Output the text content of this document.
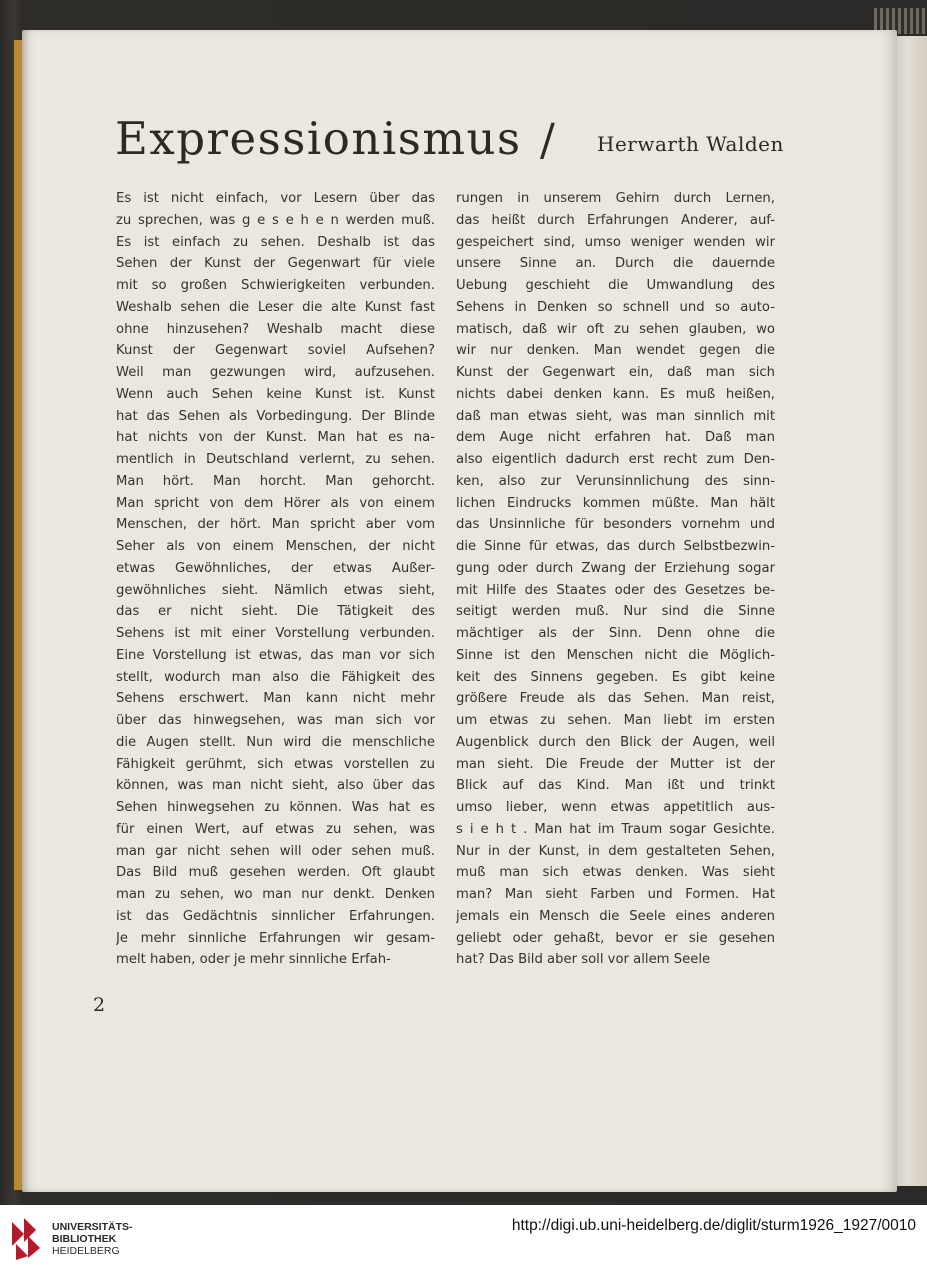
Expressionismus / Herwarth Walden
Es ist nicht einfach, vor Lesern über das
zu sprechen, was g e s e h e n werden muß.
Es ist einfach zu sehen. Deshalb ist das
Sehen der Kunst der Gegenwart für viele
mit so großen Schwierigkeiten verbunden.
Weshalb sehen die Leser die alte Kunst fast
ohne hinzusehen? Weshalb macht diese
Kunst der Gegenwart soviel Aufsehen?
Weil man gezwungen wird, aufzusehen.
Wenn auch Sehen keine Kunst ist. Kunst
hat das Sehen als Vorbedingung. Der Blinde
hat nichts von der Kunst. Man hat es na-
mentlich in Deutschland verlernt, zu sehen.
Man hört. Man horcht. Man gehorcht.
Man spricht von dem Hörer als von einem
Menschen, der hört. Man spricht aber vom
Seher als von einem Menschen, der nicht
etwas Gewöhnliches, der etwas Außer-
gewöhnliches sieht. Nämlich etwas sieht,
das er nicht sieht. Die Tätigkeit des
Sehens ist mit einer Vorstellung verbunden.
Eine Vorstellung ist etwas, das man vor sich
stellt, wodurch man also die Fähigkeit des
Sehens erschwert. Man kann nicht mehr
über das hinwegsehen, was man sich vor
die Augen stellt. Nun wird die menschliche
Fähigkeit gerühmt, sich etwas vorstellen zu
können, was man nicht sieht, also über das
Sehen hinwegsehen zu können. Was hat es
für einen Wert, auf etwas zu sehen, was
man gar nicht sehen will oder sehen muß.
Das Bild muß gesehen werden. Oft glaubt
man zu sehen, wo man nur denkt. Denken
ist das Gedächtnis sinnlicher Erfahrungen.
Je mehr sinnliche Erfahrungen wir gesam-
melt haben, oder je mehr sinnliche Erfah-
rungen in unserem Gehirn durch Lernen,
das heißt durch Erfahrungen Anderer, auf-
gespeichert sind, umso weniger wenden wir
unsere Sinne an. Durch die dauernde
Uebung geschieht die Umwandlung des
Sehens in Denken so schnell und so auto-
matisch, daß wir oft zu sehen glauben, wo
wir nur denken. Man wendet gegen die
Kunst der Gegenwart ein, daß man sich
nichts dabei denken kann. Es muß heißen,
daß man etwas sieht, was man sinnlich mit
dem Auge nicht erfahren hat. Daß man
also eigentlich dadurch erst recht zum Den-
ken, also zur Verunsinnlichung des sinn-
lichen Eindrucks kommen müßte. Man hält
das Unsinnliche für besonders vornehm und
die Sinne für etwas, das durch Selbstbezwin-
gung oder durch Zwang der Erziehung sogar
mit Hilfe des Staates oder des Gesetzes be-
seitigt werden muß. Nur sind die Sinne
mächtiger als der Sinn. Denn ohne die
Sinne ist den Menschen nicht die Möglich-
keit des Sinnens gegeben. Es gibt keine
größere Freude als das Sehen. Man reist,
um etwas zu sehen. Man liebt im ersten
Augenblick durch den Blick der Augen, weil
man sieht. Die Freude der Mutter ist der
Blick auf das Kind. Man ißt und trinkt
umso lieber, wenn etwas appetitlich aus-
s i e h t . Man hat im Traum sogar Gesichte.
Nur in der Kunst, in dem gestalteten Sehen,
muß man sich etwas denken. Was sieht
man? Man sieht Farben und Formen. Hat
jemals ein Mensch die Seele eines anderen
geliebt oder gehaßt, bevor er sie gesehen
hat? Das Bild aber soll vor allem Seele
2
UNIVERSITÄTS-
BIBLIOTHEK
HEIDELBERG
http://digi.ub.uni-heidelberg.de/diglit/sturm1926_1927/0010
